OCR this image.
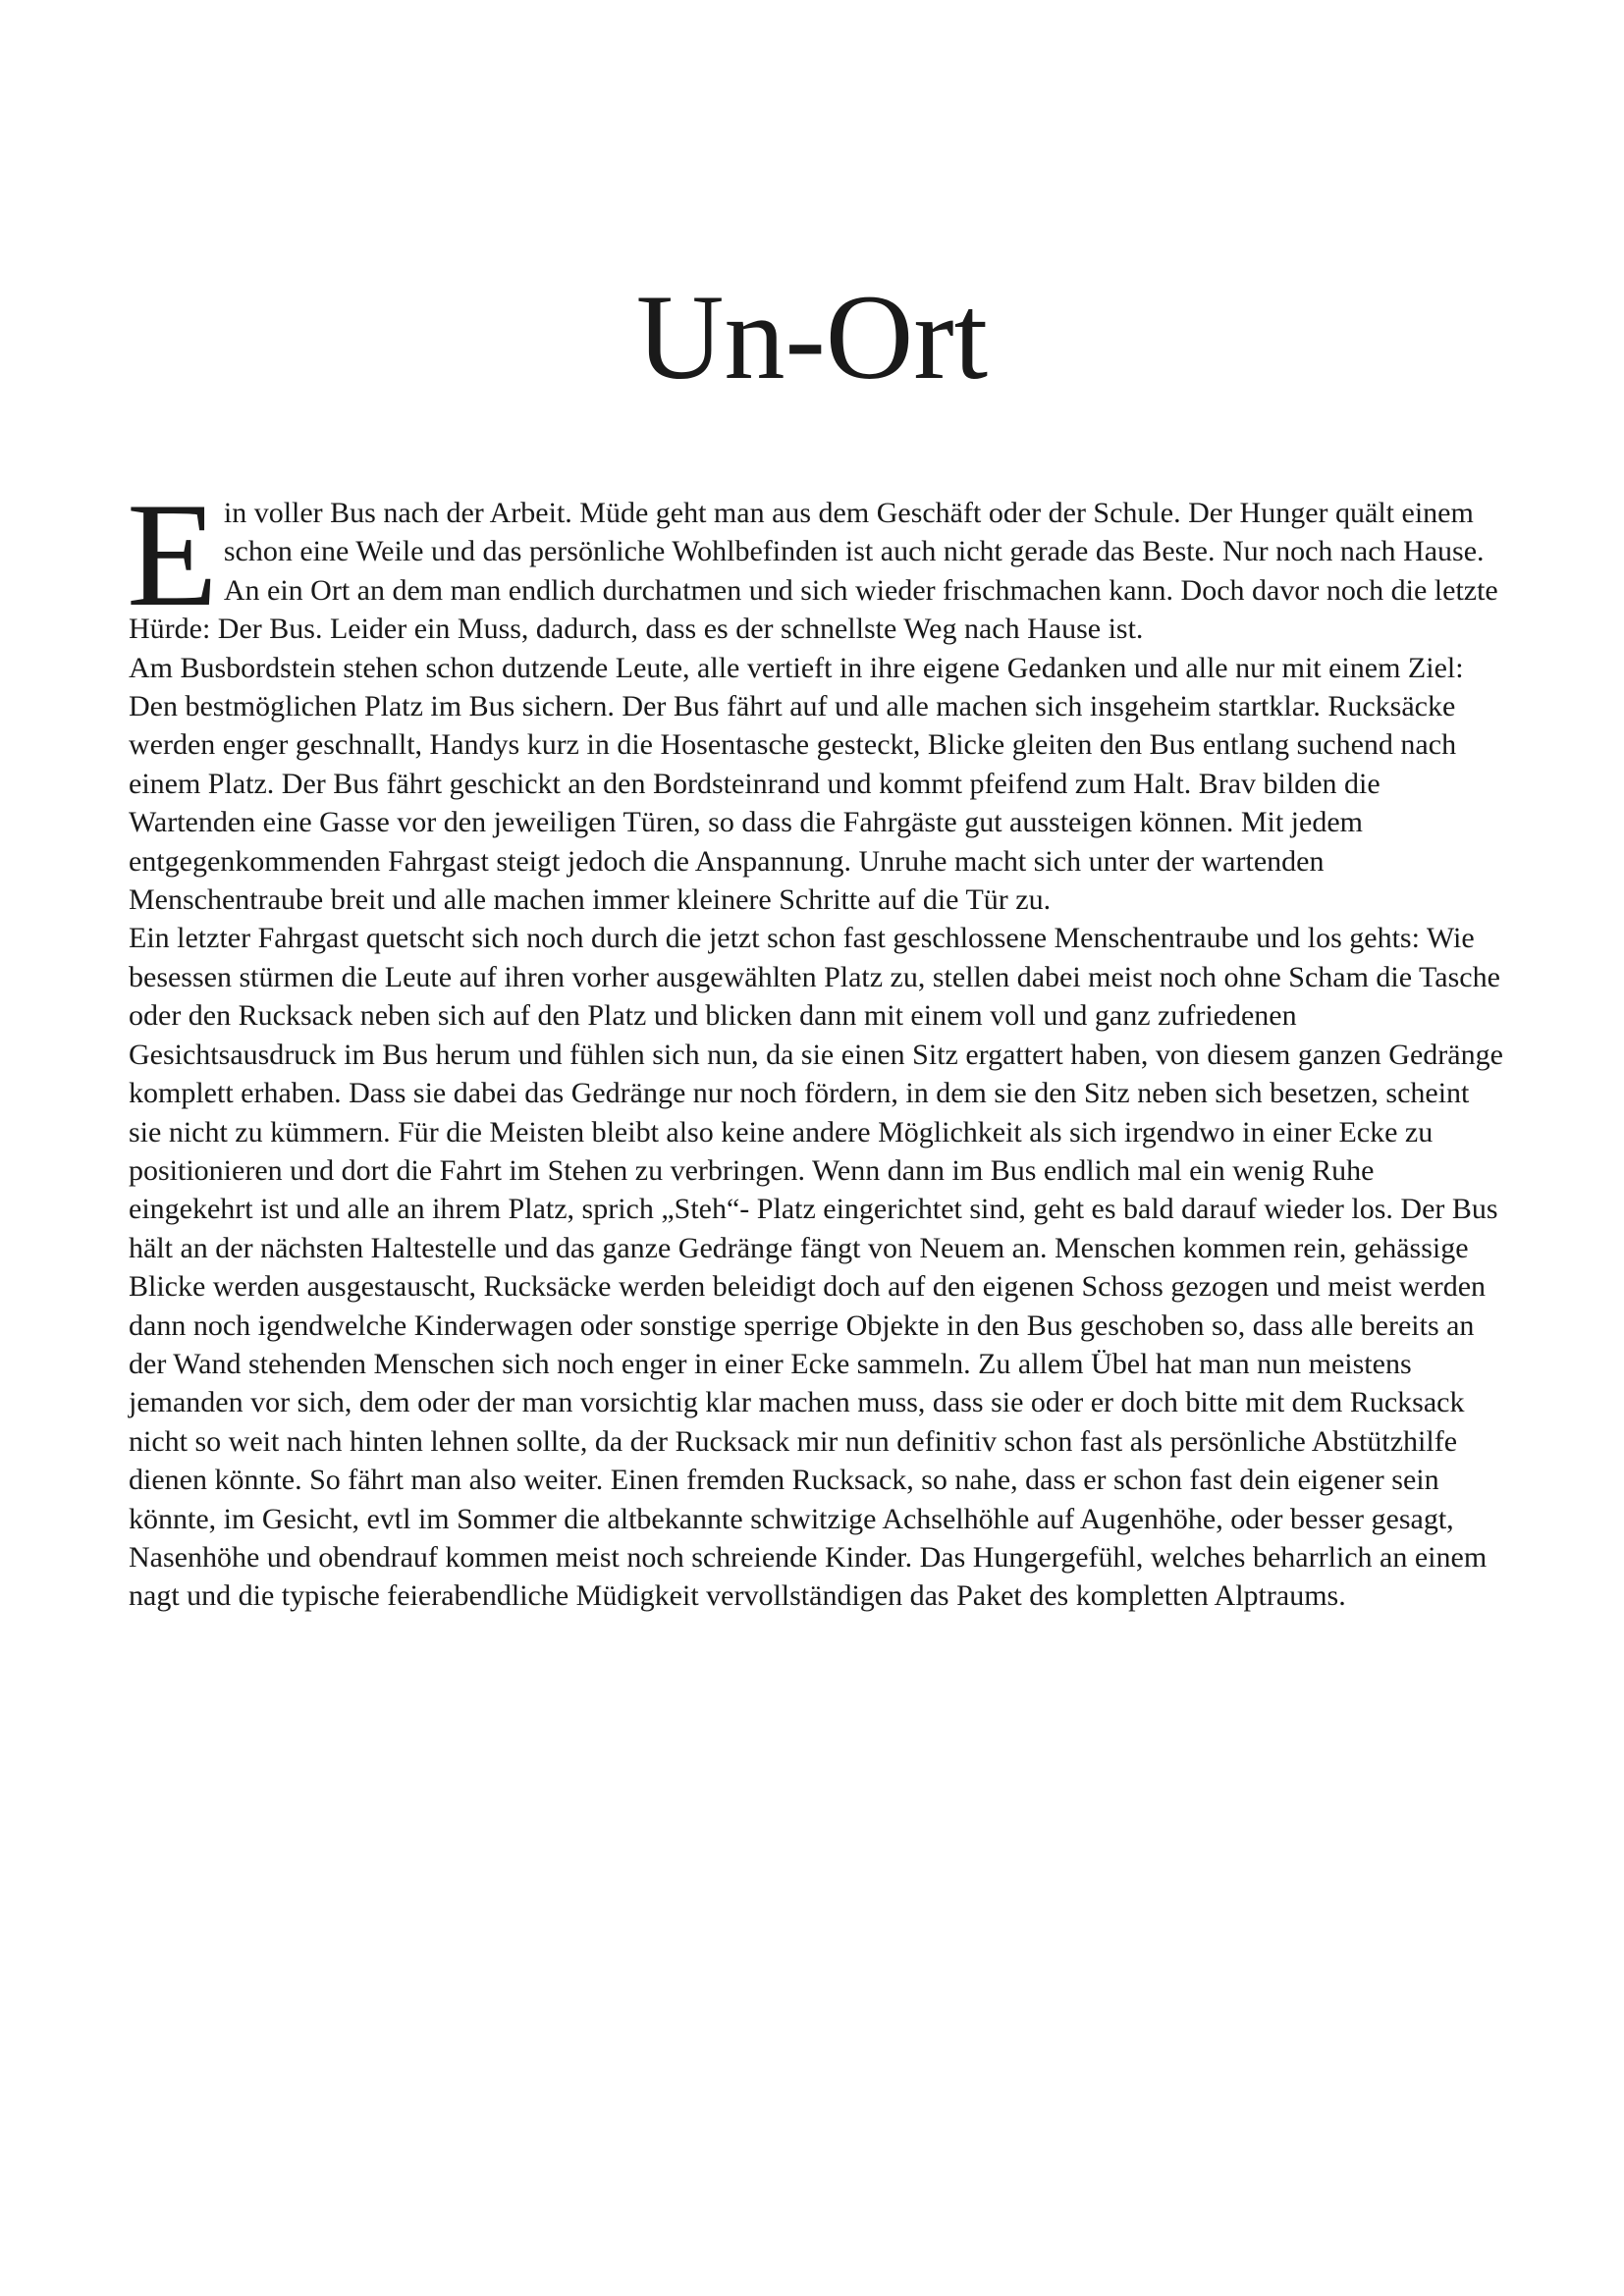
Un-Ort

Ein voller Bus nach der Arbeit. Müde geht man aus dem Geschäft oder der Schule. Der Hunger quält einem schon eine Weile und das persönliche Wohlbefinden ist auch nicht gerade das Beste. Nur noch nach Hause. An ein Ort an dem man endlich durchatmen und sich wieder frischmachen kann. Doch davor noch die letzte Hürde: Der Bus. Leider ein Muss, dadurch, dass es der schnellste Weg nach Hause ist.

Am Busbordstein stehen schon dutzende Leute, alle vertieft in ihre eigene Gedanken und alle nur mit einem Ziel: Den bestmöglichen Platz im Bus sichern. Der Bus fährt auf und alle machen sich insgeheim startklar. Rucksäcke werden enger geschnallt, Handys kurz in die Hosentasche gesteckt, Blicke gleiten den Bus entlang suchend nach einem Platz. Der Bus fährt geschickt an den Bordsteinrand und kommt pfeifend zum Halt. Brav bilden die Wartenden eine Gasse vor den jeweiligen Türen, so dass die Fahrgäste gut aussteigen können. Mit jedem entgegenkommenden Fahrgast steigt jedoch die Anspannung. Unruhe macht sich unter der wartenden Menschentraube breit und alle machen immer kleinere Schritte auf die Tür zu.

Ein letzter Fahrgast quetscht sich noch durch die jetzt schon fast geschlossene Menschentraube und los gehts: Wie besessen stürmen die Leute auf ihren vorher ausgewählten Platz zu, stellen dabei meist noch ohne Scham die Tasche oder den Rucksack neben sich auf den Platz und blicken dann mit einem voll und ganz zufriedenen Gesichtsausdruck im Bus herum und fühlen sich nun, da sie einen Sitz ergattert haben, von diesem ganzen Gedränge komplett erhaben. Dass sie dabei das Gedränge nur noch fördern, in dem sie den Sitz neben sich besetzen, scheint sie nicht zu kümmern. Für die Meisten bleibt also keine andere Möglichkeit als sich irgendwo in einer Ecke zu positionieren und dort die Fahrt im Stehen zu verbringen. Wenn dann im Bus endlich mal ein wenig Ruhe eingekehrt ist und alle an ihrem Platz, sprich „Steh“- Platz eingerichtet sind, geht es bald darauf wieder los. Der Bus hält an der nächsten Haltestelle und das ganze Gedränge fängt von Neuem an. Menschen kommen rein, gehässige Blicke werden ausgestauscht, Rucksäcke werden beleidigt doch auf den eigenen Schoss gezogen und meist werden dann noch igendwelche Kinderwagen oder sonstige sperrige Objekte in den Bus geschoben so, dass alle bereits an der Wand stehenden Menschen sich noch enger in einer Ecke sammeln. Zu allem Übel hat man nun meistens jemanden vor sich, dem oder der man vorsichtig klar machen muss, dass sie oder er doch bitte mit dem Rucksack nicht so weit nach hinten lehnen sollte, da der Rucksack mir nun definitiv schon fast als persönliche Abstützhilfe dienen könnte. So fährt man also weiter. Einen fremden Rucksack, so nahe, dass er schon fast dein eigener sein könnte, im Gesicht, evtl im Sommer die altbekannte schwitzige Achselhöhle auf Augenhöhe, oder besser gesagt, Nasenhöhe und obendrauf kommen meist noch schreiende Kinder. Das Hungergefühl, welches beharrlich an einem nagt und die typische feierabendliche Müdigkeit vervollständigen das Paket des kompletten Alptraums.
